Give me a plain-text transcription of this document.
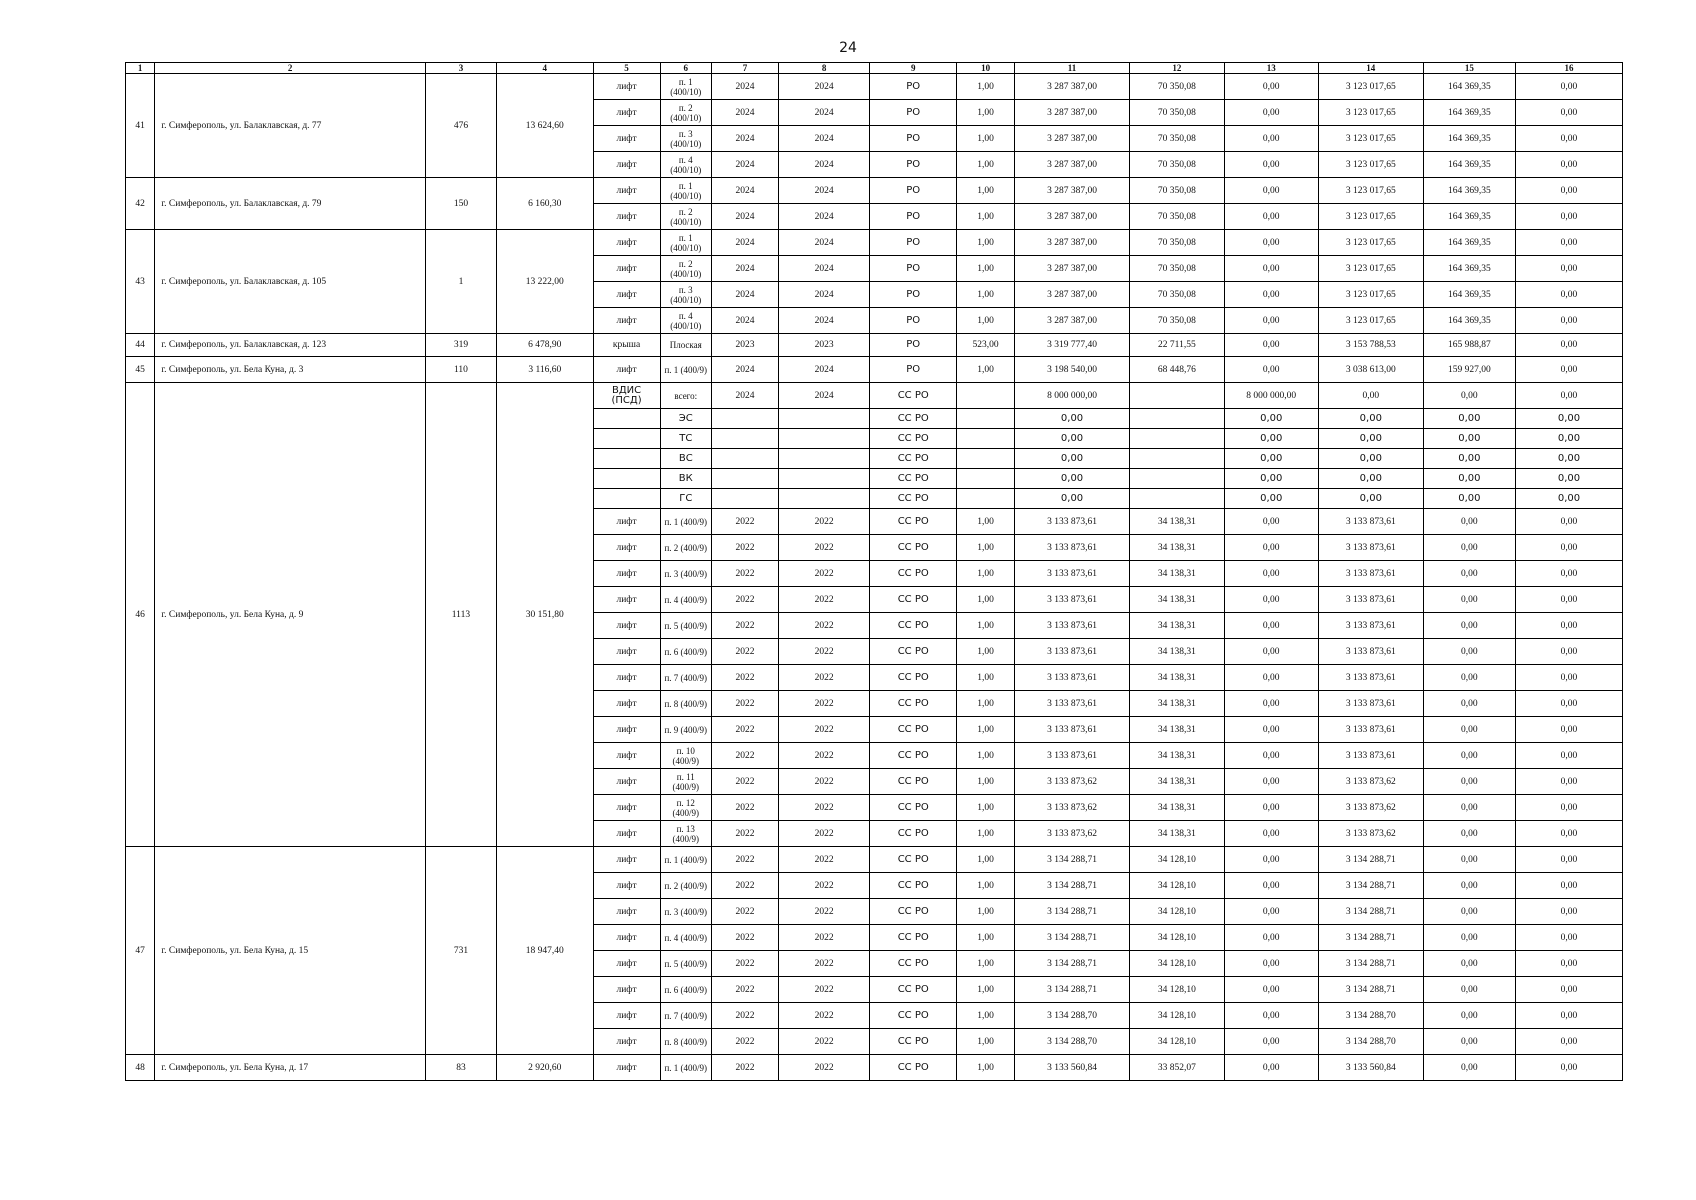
24
1	2	3	4	5	6	7	8	9	10	11	12	13	14	15	16
41	г. Симферополь, ул. Балаклавская, д. 77	476	13 624,60	лифт	п. 1 (400/10)	2024	2024	РО	1,00	3 287 387,00	70 350,08	0,00	3 123 017,65	164 369,35	0,00
				лифт	п. 2 (400/10)	2024	2024	РО	1,00	3 287 387,00	70 350,08	0,00	3 123 017,65	164 369,35	0,00
				лифт	п. 3 (400/10)	2024	2024	РО	1,00	3 287 387,00	70 350,08	0,00	3 123 017,65	164 369,35	0,00
				лифт	п. 4 (400/10)	2024	2024	РО	1,00	3 287 387,00	70 350,08	0,00	3 123 017,65	164 369,35	0,00
42	г. Симферополь, ул. Балаклавская, д. 79	150	6 160,30	лифт	п. 1 (400/10)	2024	2024	РО	1,00	3 287 387,00	70 350,08	0,00	3 123 017,65	164 369,35	0,00
				лифт	п. 2 (400/10)	2024	2024	РО	1,00	3 287 387,00	70 350,08	0,00	3 123 017,65	164 369,35	0,00
43	г. Симферополь, ул. Балаклавская, д. 105	1	13 222,00	лифт	п. 1 (400/10)	2024	2024	РО	1,00	3 287 387,00	70 350,08	0,00	3 123 017,65	164 369,35	0,00
				лифт	п. 2 (400/10)	2024	2024	РО	1,00	3 287 387,00	70 350,08	0,00	3 123 017,65	164 369,35	0,00
				лифт	п. 3 (400/10)	2024	2024	РО	1,00	3 287 387,00	70 350,08	0,00	3 123 017,65	164 369,35	0,00
				лифт	п. 4 (400/10)	2024	2024	РО	1,00	3 287 387,00	70 350,08	0,00	3 123 017,65	164 369,35	0,00
44	г. Симферополь, ул. Балаклавская, д. 123	319	6 478,90	крыша	Плоская	2023	2023	РО	523,00	3 319 777,40	22 711,55	0,00	3 153 788,53	165 988,87	0,00
45	г. Симферополь, ул. Бела Куна, д. 3	110	3 116,60	лифт	п. 1 (400/9)	2024	2024	РО	1,00	3 198 540,00	68 448,76	0,00	3 038 613,00	159 927,00	0,00
46	г. Симферополь, ул. Бела Куна, д. 9	1113	30 151,80	ВДИС (ПСД)	всего:	2024	2024	СС РО		8 000 000,00		8 000 000,00	0,00	0,00	0,00
					ЭС			СС РО		0,00		0,00	0,00	0,00	0,00
					ТС			СС РО		0,00		0,00	0,00	0,00	0,00
					ВС			СС РО		0,00		0,00	0,00	0,00	0,00
					ВК			СС РО		0,00		0,00	0,00	0,00	0,00
					ГС			СС РО		0,00		0,00	0,00	0,00	0,00
				лифт	п. 1 (400/9)	2022	2022	СС РО	1,00	3 133 873,61	34 138,31	0,00	3 133 873,61	0,00	0,00
				лифт	п. 2 (400/9)	2022	2022	СС РО	1,00	3 133 873,61	34 138,31	0,00	3 133 873,61	0,00	0,00
				лифт	п. 3 (400/9)	2022	2022	СС РО	1,00	3 133 873,61	34 138,31	0,00	3 133 873,61	0,00	0,00
				лифт	п. 4 (400/9)	2022	2022	СС РО	1,00	3 133 873,61	34 138,31	0,00	3 133 873,61	0,00	0,00
				лифт	п. 5 (400/9)	2022	2022	СС РО	1,00	3 133 873,61	34 138,31	0,00	3 133 873,61	0,00	0,00
				лифт	п. 6 (400/9)	2022	2022	СС РО	1,00	3 133 873,61	34 138,31	0,00	3 133 873,61	0,00	0,00
				лифт	п. 7 (400/9)	2022	2022	СС РО	1,00	3 133 873,61	34 138,31	0,00	3 133 873,61	0,00	0,00
				лифт	п. 8 (400/9)	2022	2022	СС РО	1,00	3 133 873,61	34 138,31	0,00	3 133 873,61	0,00	0,00
				лифт	п. 9 (400/9)	2022	2022	СС РО	1,00	3 133 873,61	34 138,31	0,00	3 133 873,61	0,00	0,00
				лифт	п. 10 (400/9)	2022	2022	СС РО	1,00	3 133 873,61	34 138,31	0,00	3 133 873,61	0,00	0,00
				лифт	п. 11 (400/9)	2022	2022	СС РО	1,00	3 133 873,62	34 138,31	0,00	3 133 873,62	0,00	0,00
				лифт	п. 12 (400/9)	2022	2022	СС РО	1,00	3 133 873,62	34 138,31	0,00	3 133 873,62	0,00	0,00
				лифт	п. 13 (400/9)	2022	2022	СС РО	1,00	3 133 873,62	34 138,31	0,00	3 133 873,62	0,00	0,00
47	г. Симферополь, ул. Бела Куна, д. 15	731	18 947,40	лифт	п. 1 (400/9)	2022	2022	СС РО	1,00	3 134 288,71	34 128,10	0,00	3 134 288,71	0,00	0,00
				лифт	п. 2 (400/9)	2022	2022	СС РО	1,00	3 134 288,71	34 128,10	0,00	3 134 288,71	0,00	0,00
				лифт	п. 3 (400/9)	2022	2022	СС РО	1,00	3 134 288,71	34 128,10	0,00	3 134 288,71	0,00	0,00
				лифт	п. 4 (400/9)	2022	2022	СС РО	1,00	3 134 288,71	34 128,10	0,00	3 134 288,71	0,00	0,00
				лифт	п. 5 (400/9)	2022	2022	СС РО	1,00	3 134 288,71	34 128,10	0,00	3 134 288,71	0,00	0,00
				лифт	п. 6 (400/9)	2022	2022	СС РО	1,00	3 134 288,71	34 128,10	0,00	3 134 288,71	0,00	0,00
				лифт	п. 7 (400/9)	2022	2022	СС РО	1,00	3 134 288,70	34 128,10	0,00	3 134 288,70	0,00	0,00
				лифт	п. 8 (400/9)	2022	2022	СС РО	1,00	3 134 288,70	34 128,10	0,00	3 134 288,70	0,00	0,00
48	г. Симферополь, ул. Бела Куна, д. 17	83	2 920,60	лифт	п. 1 (400/9)	2022	2022	СС РО	1,00	3 133 560,84	33 852,07	0,00	3 133 560,84	0,00	0,00
